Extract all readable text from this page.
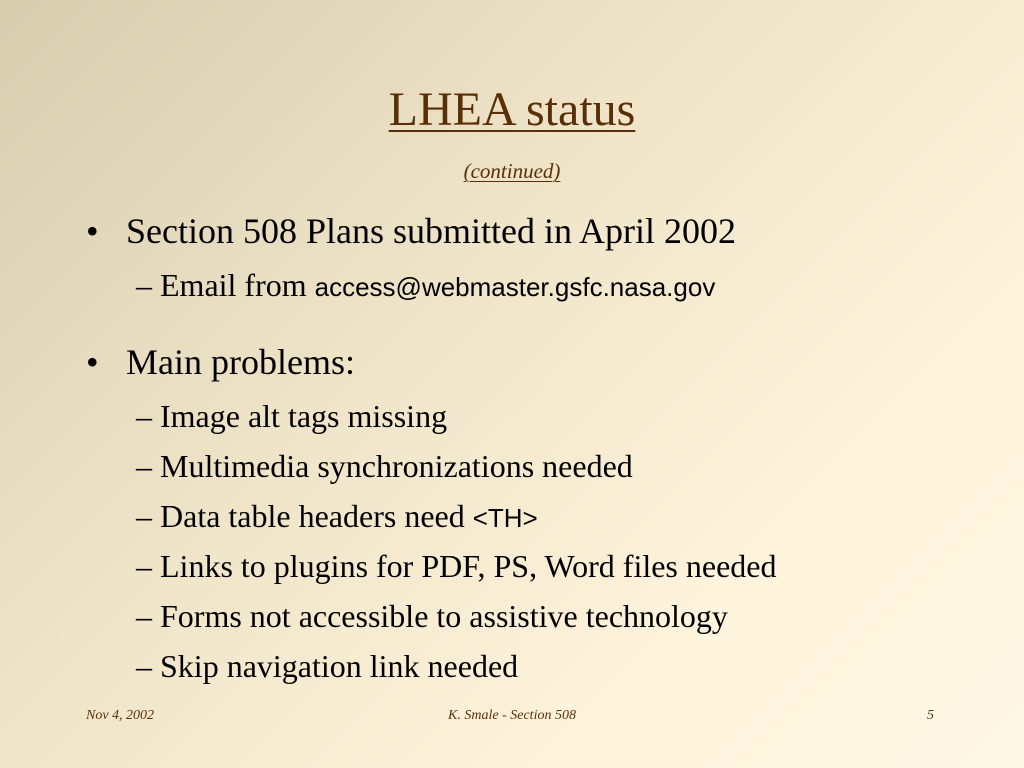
LHEA status
(continued)
• Section 508 Plans submitted in April 2002
– Email from access@webmaster.gsfc.nasa.gov
• Main problems:
– Image alt tags missing
– Multimedia synchronizations needed
– Data table headers need <TH>
– Links to plugins for PDF, PS, Word files needed
– Forms not accessible to assistive technology
– Skip navigation link needed
Nov 4, 2002	K. Smale - Section 508	5
